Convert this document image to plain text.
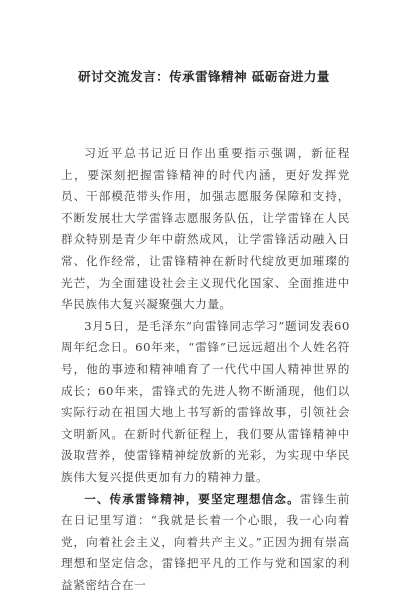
研讨交流发言：传承雷锋精神 砥砺奋进力量

习近平总书记近日作出重要指示强调，新征程上，要深刻把握雷锋精神的时代内涵，更好发挥党员、干部模范带头作用，加强志愿服务保障和支持，不断发展壮大学雷锋志愿服务队伍，让学雷锋在人民群众特别是青少年中蔚然成风，让学雷锋活动融入日常、化作经常，让雷锋精神在新时代绽放更加璀璨的光芒，为全面建设社会主义现代化国家、全面推进中华民族伟大复兴凝聚强大力量。

3月5日，是毛泽东“向雷锋同志学习”题词发表60周年纪念日。60年来，“雷锋”已远远超出个人姓名符号，他的事迹和精神哺育了一代代中国人精神世界的成长；60年来，雷锋式的先进人物不断涌现，他们以实际行动在祖国大地上书写新的雷锋故事，引领社会文明新风。在新时代新征程上，我们要从雷锋精神中汲取营养，使雷锋精神绽放新的光彩，为实现中华民族伟大复兴提供更加有力的精神力量。

一、传承雷锋精神，要坚定理想信念。雷锋生前在日记里写道：“我就是长着一个心眼，我一心向着党，向着社会主义，向着共产主义。”正因为拥有崇高理想和坚定信念，雷锋把平凡的工作与党和国家的利益紧密结合在一
